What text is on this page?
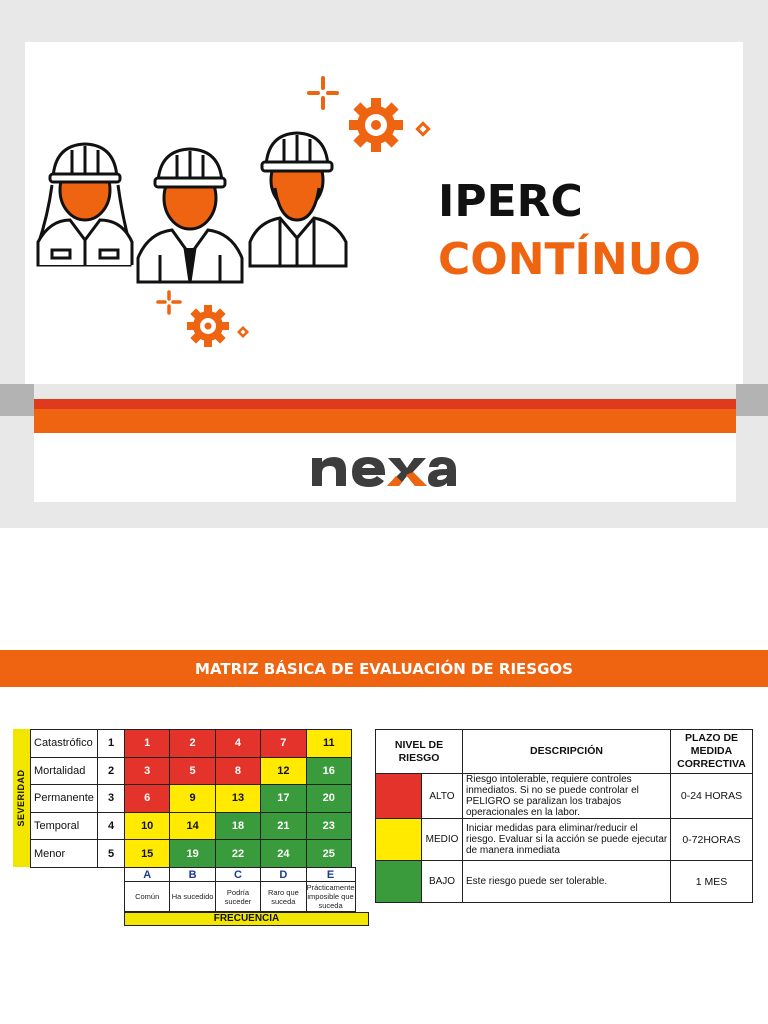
IPERC
CONTÍNUO
MATRIZ BÁSICA DE EVALUACIÓN DE RIESGOS
SEVERIDAD
Catastrófico	1	1	2	4	7	11
Mortalidad	2	3	5	8	12	16
Permanente	3	6	9	13	17	20
Temporal	4	10	14	18	21	23
Menor	5	15	19	22	24	25
A	B	C	D	E
Común	Ha sucedido	Podría suceder	Raro que suceda	Prácticamente imposible que suceda
FRECUENCIA
NIVEL DE RIESGO		DESCRIPCIÓN	PLAZO DE MEDIDA CORRECTIVA
	ALTO	Riesgo intolerable, requiere controles inmediatos. Si no se puede controlar el PELIGRO se paralizan los trabajos operacionales en la labor.	0-24 HORAS
	MEDIO	Iniciar medidas para eliminar/reducir el riesgo. Evaluar si la acción se puede ejecutar de manera inmediata	0-72HORAS
	BAJO	Este riesgo puede ser tolerable.	1 MES
